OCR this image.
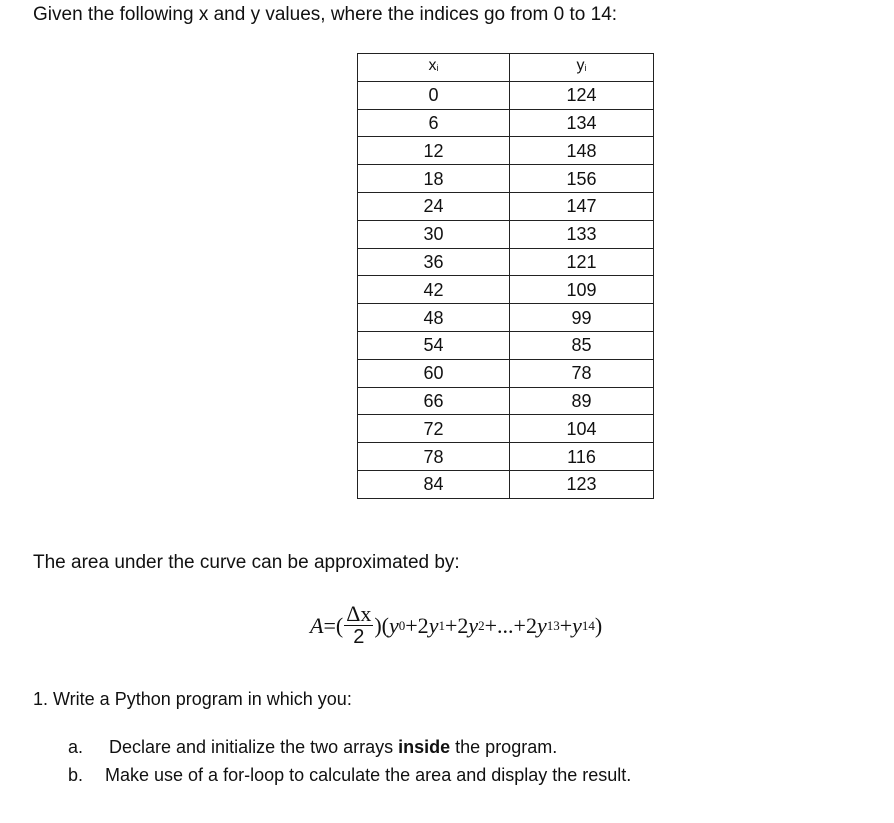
Given the following x and y values, where the indices go from 0 to 14:
$x_i$	$y_i$
0	124
6	134
12	148
18	156
24	147
30	133
36	121
42	109
48	99
54	85
60	78
66	89
72	104
78	116
84	123
The area under the curve can be approximated by:
A =( $\frac{\Delta x}{2}$ )( y 0 +2 y 1 +2 y 2 +...+2 y 13 + y 14 )
1. Write a Python program in which you:
a. Declare and initialize the two arrays inside the program.
b. Make use of a for-loop to calculate the area and display the result.
